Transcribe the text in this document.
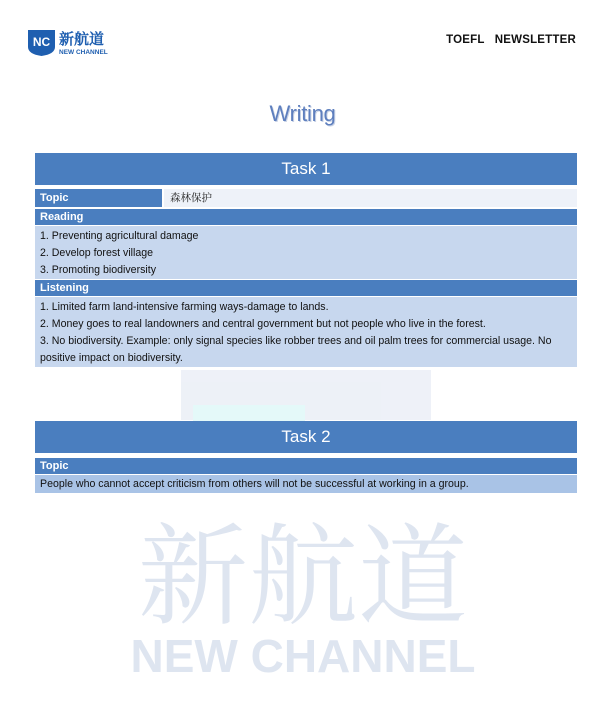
新航道
NEW CHANNEL
NC 新航道
NEW CHANNEL
TOEFL NEWSLETTER
Writing
Task 1
Topic	森林保护
Reading

1. Preventing agricultural damage

2. Develop forest village

3. Promoting biodiversity

Listening

1. Limited farm land-intensive farming ways-damage to lands.

2. Money goes to real landowners and central government but not people who live in the forest.

3. No biodiversity. Example: only signal species like robber trees and oil palm trees for commercial usage. No positive impact on biodiversity.

Task 2
Topic
People who cannot accept criticism from others will not be successful at working in a group.
